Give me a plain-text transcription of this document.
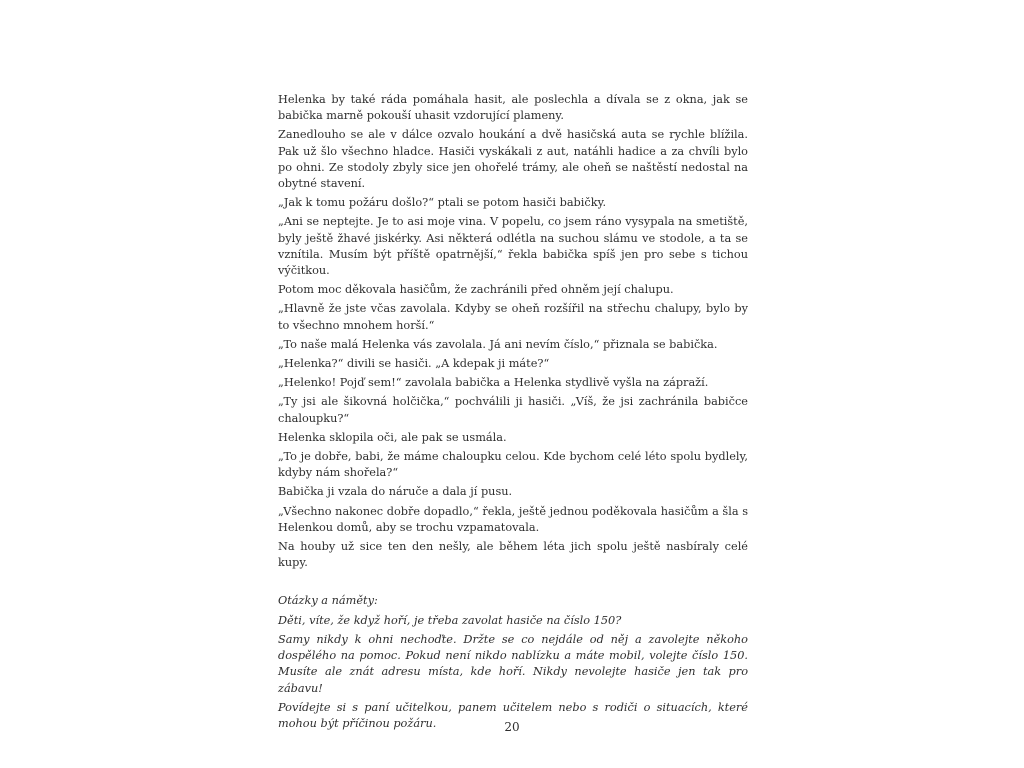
Helenka by také ráda pomáhala hasit, ale poslechla a dívala se z okna, jak se babička marně pokouší uhasit vzdorující plameny.

Zanedlouho se ale v dálce ozvalo houkání a dvě hasičská auta se rychle blížila. Pak už šlo všechno hladce. Hasiči vyskákali z aut, natáhli hadice a za chvíli bylo po ohni. Ze stodoly zbyly sice jen ohořelé trámy, ale oheň se naštěstí nedostal na obytné stavení.

„Jak k tomu požáru došlo?“ ptali se potom hasiči babičky.

„Ani se neptejte. Je to asi moje vina. V popelu, co jsem ráno vysypala na smetiště, byly ještě žhavé jiskérky. Asi některá odlétla na suchou slámu ve stodole, a ta se vznítila. Musím být příště opatrnější,“ řekla babička spíš jen pro sebe s tichou výčitkou.

Potom moc děkovala hasičům, že zachránili před ohněm její chalupu.

„Hlavně že jste včas zavolala. Kdyby se oheň rozšířil na střechu chalupy, bylo by to všechno mnohem horší.“

„To naše malá Helenka vás zavolala. Já ani nevím číslo,“ přiznala se babička.

„Helenka?“ divili se hasiči. „A kdepak ji máte?“

„Helenko! Pojď sem!“ zavolala babička a Helenka stydlivě vyšla na zápraží.

„Ty jsi ale šikovná holčička,“ pochválili ji hasiči. „Víš, že jsi zachránila babičce chaloupku?“

Helenka sklopila oči, ale pak se usmála.

„To je dobře, babi, že máme chaloupku celou. Kde bychom celé léto spolu bydlely, kdyby nám shořela?“

Babička ji vzala do náruče a dala jí pusu.

„Všechno nakonec dobře dopadlo,“ řekla, ještě jednou poděkovala hasičům a šla s Helenkou domů, aby se trochu vzpamatovala.

Na houby už sice ten den nešly, ale během léta jich spolu ještě nasbíraly celé kupy.

Otázky a náměty:

Děti, víte, že když hoří, je třeba zavolat hasiče na číslo 150?

Samy nikdy k ohni nechoďte. Držte se co nejdále od něj a zavolejte někoho dospělého na pomoc. Pokud není nikdo nablízku a máte mobil, volejte číslo 150. Musíte ale znát adresu místa, kde hoří. Nikdy nevolejte hasiče jen tak pro zábavu!

Povídejte si s paní učitelkou, panem učitelem nebo s rodiči o situacích, které mohou být příčinou požáru.	20
